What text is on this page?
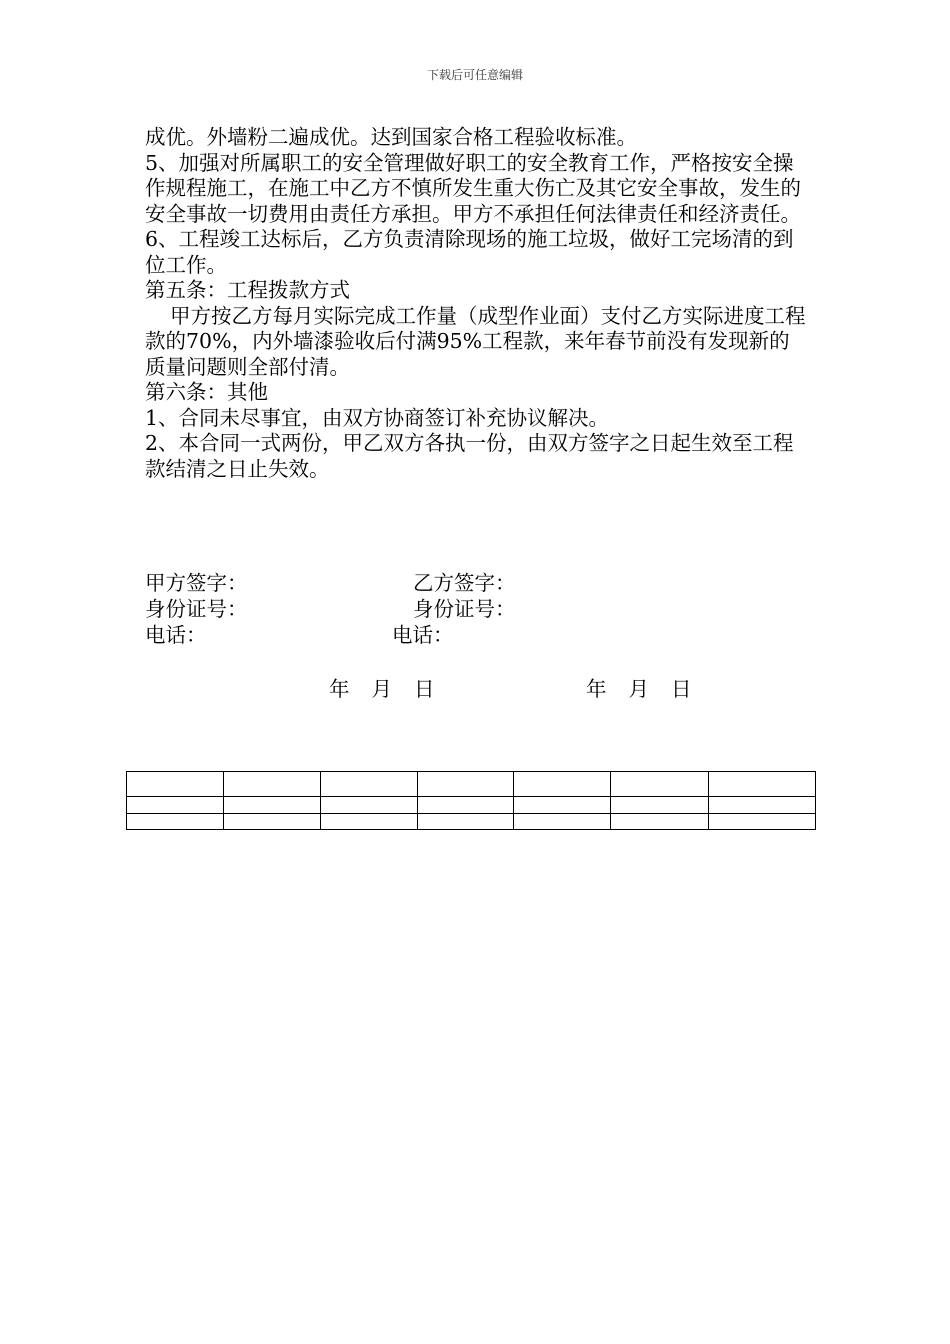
下载后可任意编辑

成优。外墙粉二遍成优。达到国家合格工程验收标准。

5、加强对所属职工的安全管理做好职工的安全教育工作，严格按安全操作规程施工，在施工中乙方不慎所发生重大伤亡及其它安全事故，发生的安全事故一切费用由责任方承担。甲方不承担任何法律责任和经济责任。

6、工程竣工达标后，乙方负责清除现场的施工垃圾，做好工完场清的到位工作。

第五条：工程拨款方式

甲方按乙方每月实际完成工作量（成型作业面）支付乙方实际进度工程款的70%，内外墙漆验收后付满95%工程款，来年春节前没有发现新的质量问题则全部付清。

第六条：其他

1、合同未尽事宜，由双方协商签订补充协议解决。

2、本合同一式两份，甲乙双方各执一份，由双方签字之日起生效至工程款结清之日止失效。

甲方签字：	乙方签字：
身份证号：	身份证号：
电话：	电话：
年 月 日	年 月 日
